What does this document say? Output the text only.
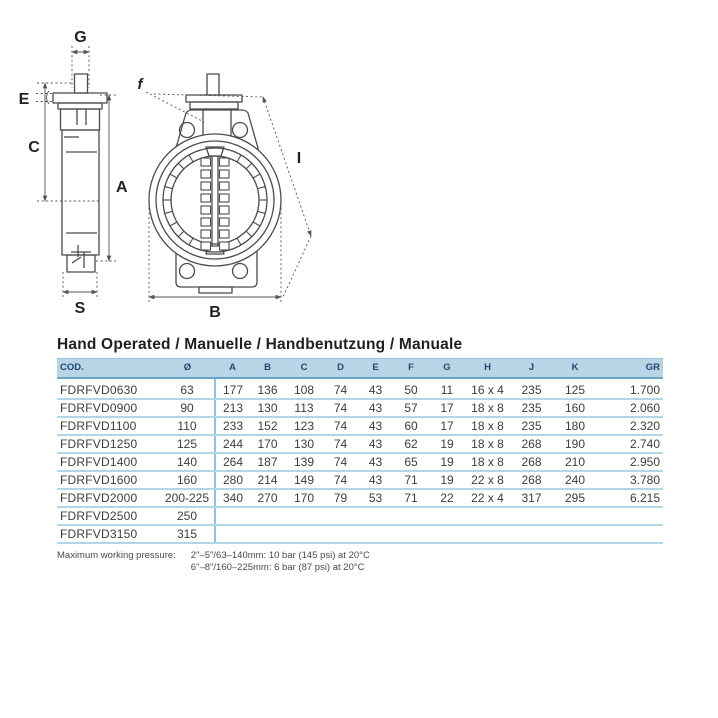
G
E
C
A
S
f
I
B
Hand Operated / Manuelle / Handbenutzung / Manuale
COD.	Ø	A	B	C	D	E	F	G	H	J	K	GR
FDRFVD0630	63	177	136	108	74	43	50	11	16 x 4	235	125	1.700
FDRFVD0900	90	213	130	113	74	43	57	17	18 x 8	235	160	2.060
FDRFVD1100	110	233	152	123	74	43	60	17	18 x 8	235	180	2.320
FDRFVD1250	125	244	170	130	74	43	62	19	18 x 8	268	190	2.740
FDRFVD1400	140	264	187	139	74	43	65	19	18 x 8	268	210	2.950
FDRFVD1600	160	280	214	149	74	43	71	19	22 x 8	268	240	3.780
FDRFVD2000	200-225	340	270	170	79	53	71	22	22 x 4	317	295	6.215
FDRFVD2500	250											
FDRFVD3150	315											
Maximum working pressure: 2"–5"/63–140mm: 10 bar (145 psi) at 20°C
6"–8"/160–225mm: 6 bar (87 psi) at 20°C
